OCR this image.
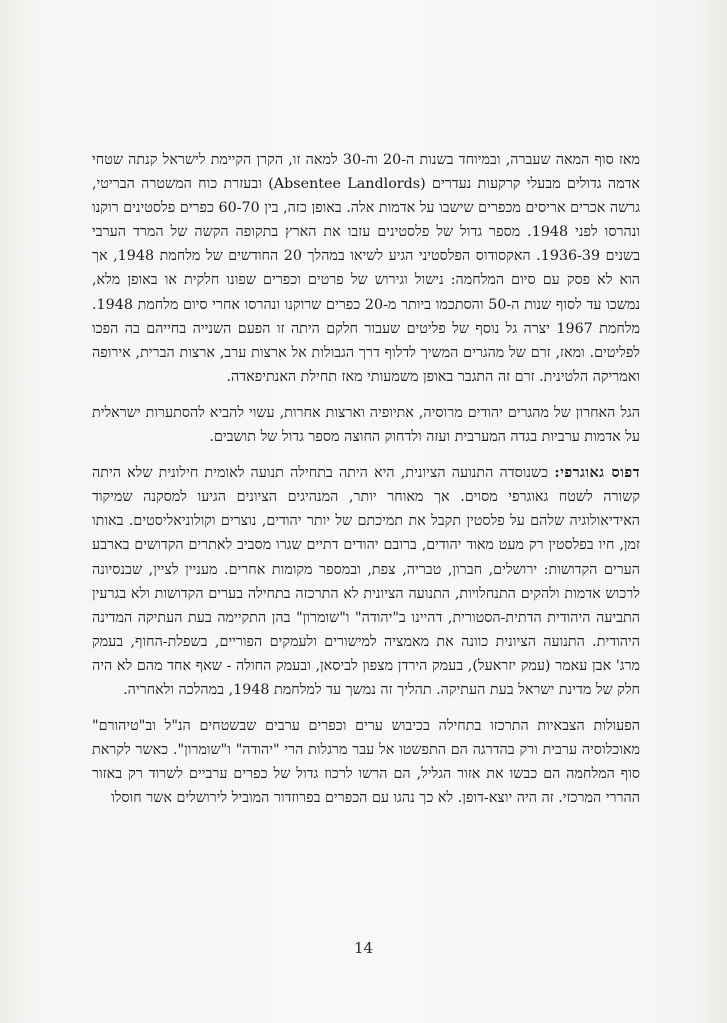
מאז סוף המאה שעברה, ובמיוחד בשנות ה-20 וה-30 למאה זו, הקרן הקיימת לישראל קנתה שטחי אדמה גדולים מבעלי קרקעות נעדרים (Absentee Landlords) ובעזרת כוח המשטרה הבריטי, גרשה אכרים אריסים מכפרים שישבו על אדמות אלה. באופן כזה, בין 60-70 כפרים פלסטינים רוקנו ונהרסו לפני 1948. מספר גדול של פלסטינים עזבו את הארץ בתקופה הקשה של המרד הערבי בשנים 1936-39. האקסודוס הפלסטיני הגיע לשיאו במהלך 20 החודשים של מלחמת 1948, אך הוא לא פסק עם סיום המלחמה: נישול וגירוש של פרטים וכפרים שפונו חלקית או באופן מלא, נמשכו עד לסוף שנות ה-50 והסתכמו ביותר מ-20 כפרים שרוקנו ונהרסו אחרי סיום מלחמת 1948. מלחמת 1967 יצרה גל נוסף של פליטים שעבור חלקם היתה זו הפעם השנייה בחייהם בה הפכו לפליטים. ומאז, זרם של מהגרים המשיך לדלוף דרך הגבולות אל ארצות ערב, ארצות הברית, אירופה ואמריקה הלטינית. זרם זה התגבר באופן משמעותי מאז תחילת האנתיפאדה.

הגל האחרון של מהגרים יהודים מרוסיה, אתיופיה וארצות אחרות, עשוי להביא להסתערות ישראלית על אדמות ערביות בגדה המערבית ועזה ולדחוק החוצה מספר גדול של תושבים.

דפוס גאוגרפי: כשנוסדה התנועה הציונית, היא היתה בתחילה תנועה לאומית חילונית שלא היתה קשורה לשטח גאוגרפי מסוים. אך מאוחר יותר, המנהיגים הציונים הגיעו למסקנה שמיקוד האידיאולוגיה שלהם על פלסטין תקבל את תמיכתם של יותר יהודים, נוצרים וקולוניאליסטים. באותו זמן, חיו בפלסטין רק מעט מאוד יהודים, ברובם יהודים דתיים שגרו מסביב לאתרים הקדושים בארבע הערים הקדושות: ירושלים, חברון, טבריה, צפת, ובמספר מקומות אחרים. מעניין לציין, שבנסיונה לרכוש אדמות ולהקים התנחלויות, התנועה הציונית לא התרכזה בתחילה בערים הקדושות ולא בגרעין התביעה היהודית הדתית-הסטורית, דהיינו ב"יהודה" ו"שומרון" בהן התקיימה בעת העתיקה המדינה היהודית. התנועה הציונית כוונה את מאמציה למישורים ולעמקים הפוריים, בשפלת-החוף, בעמק מרג' אבן עאמר (עמק יזראעל), בעמק הירדן מצפון לביסאן, ובעמק החולה - שאף אחד מהם לא היה חלק של מדינת ישראל בעת העתיקה. תהליך זה נמשך עד למלחמת 1948, במהלכה ולאחריה.

הפעולות הצבאיות התרכזו בתחילה בכיבוש ערים וכפרים ערבים שבשטחים הנ"ל וב"טיהורם" מאוכלוסיה ערבית ורק בהדרגה הם התפשטו אל עבר מרגלות הרי "יהודה" ו"שומרון". כאשר לקראת סוף המלחמה הם כבשו את אזור הגליל, הם הרשו לרכוז גדול של כפרים ערביים לשרוד רק באזור ההררי המרכזי. זה היה יוצא-דופן. לא כך נהגו עם הכפרים בפרוזדור המוביל לירושלים אשר חוסלו

14
